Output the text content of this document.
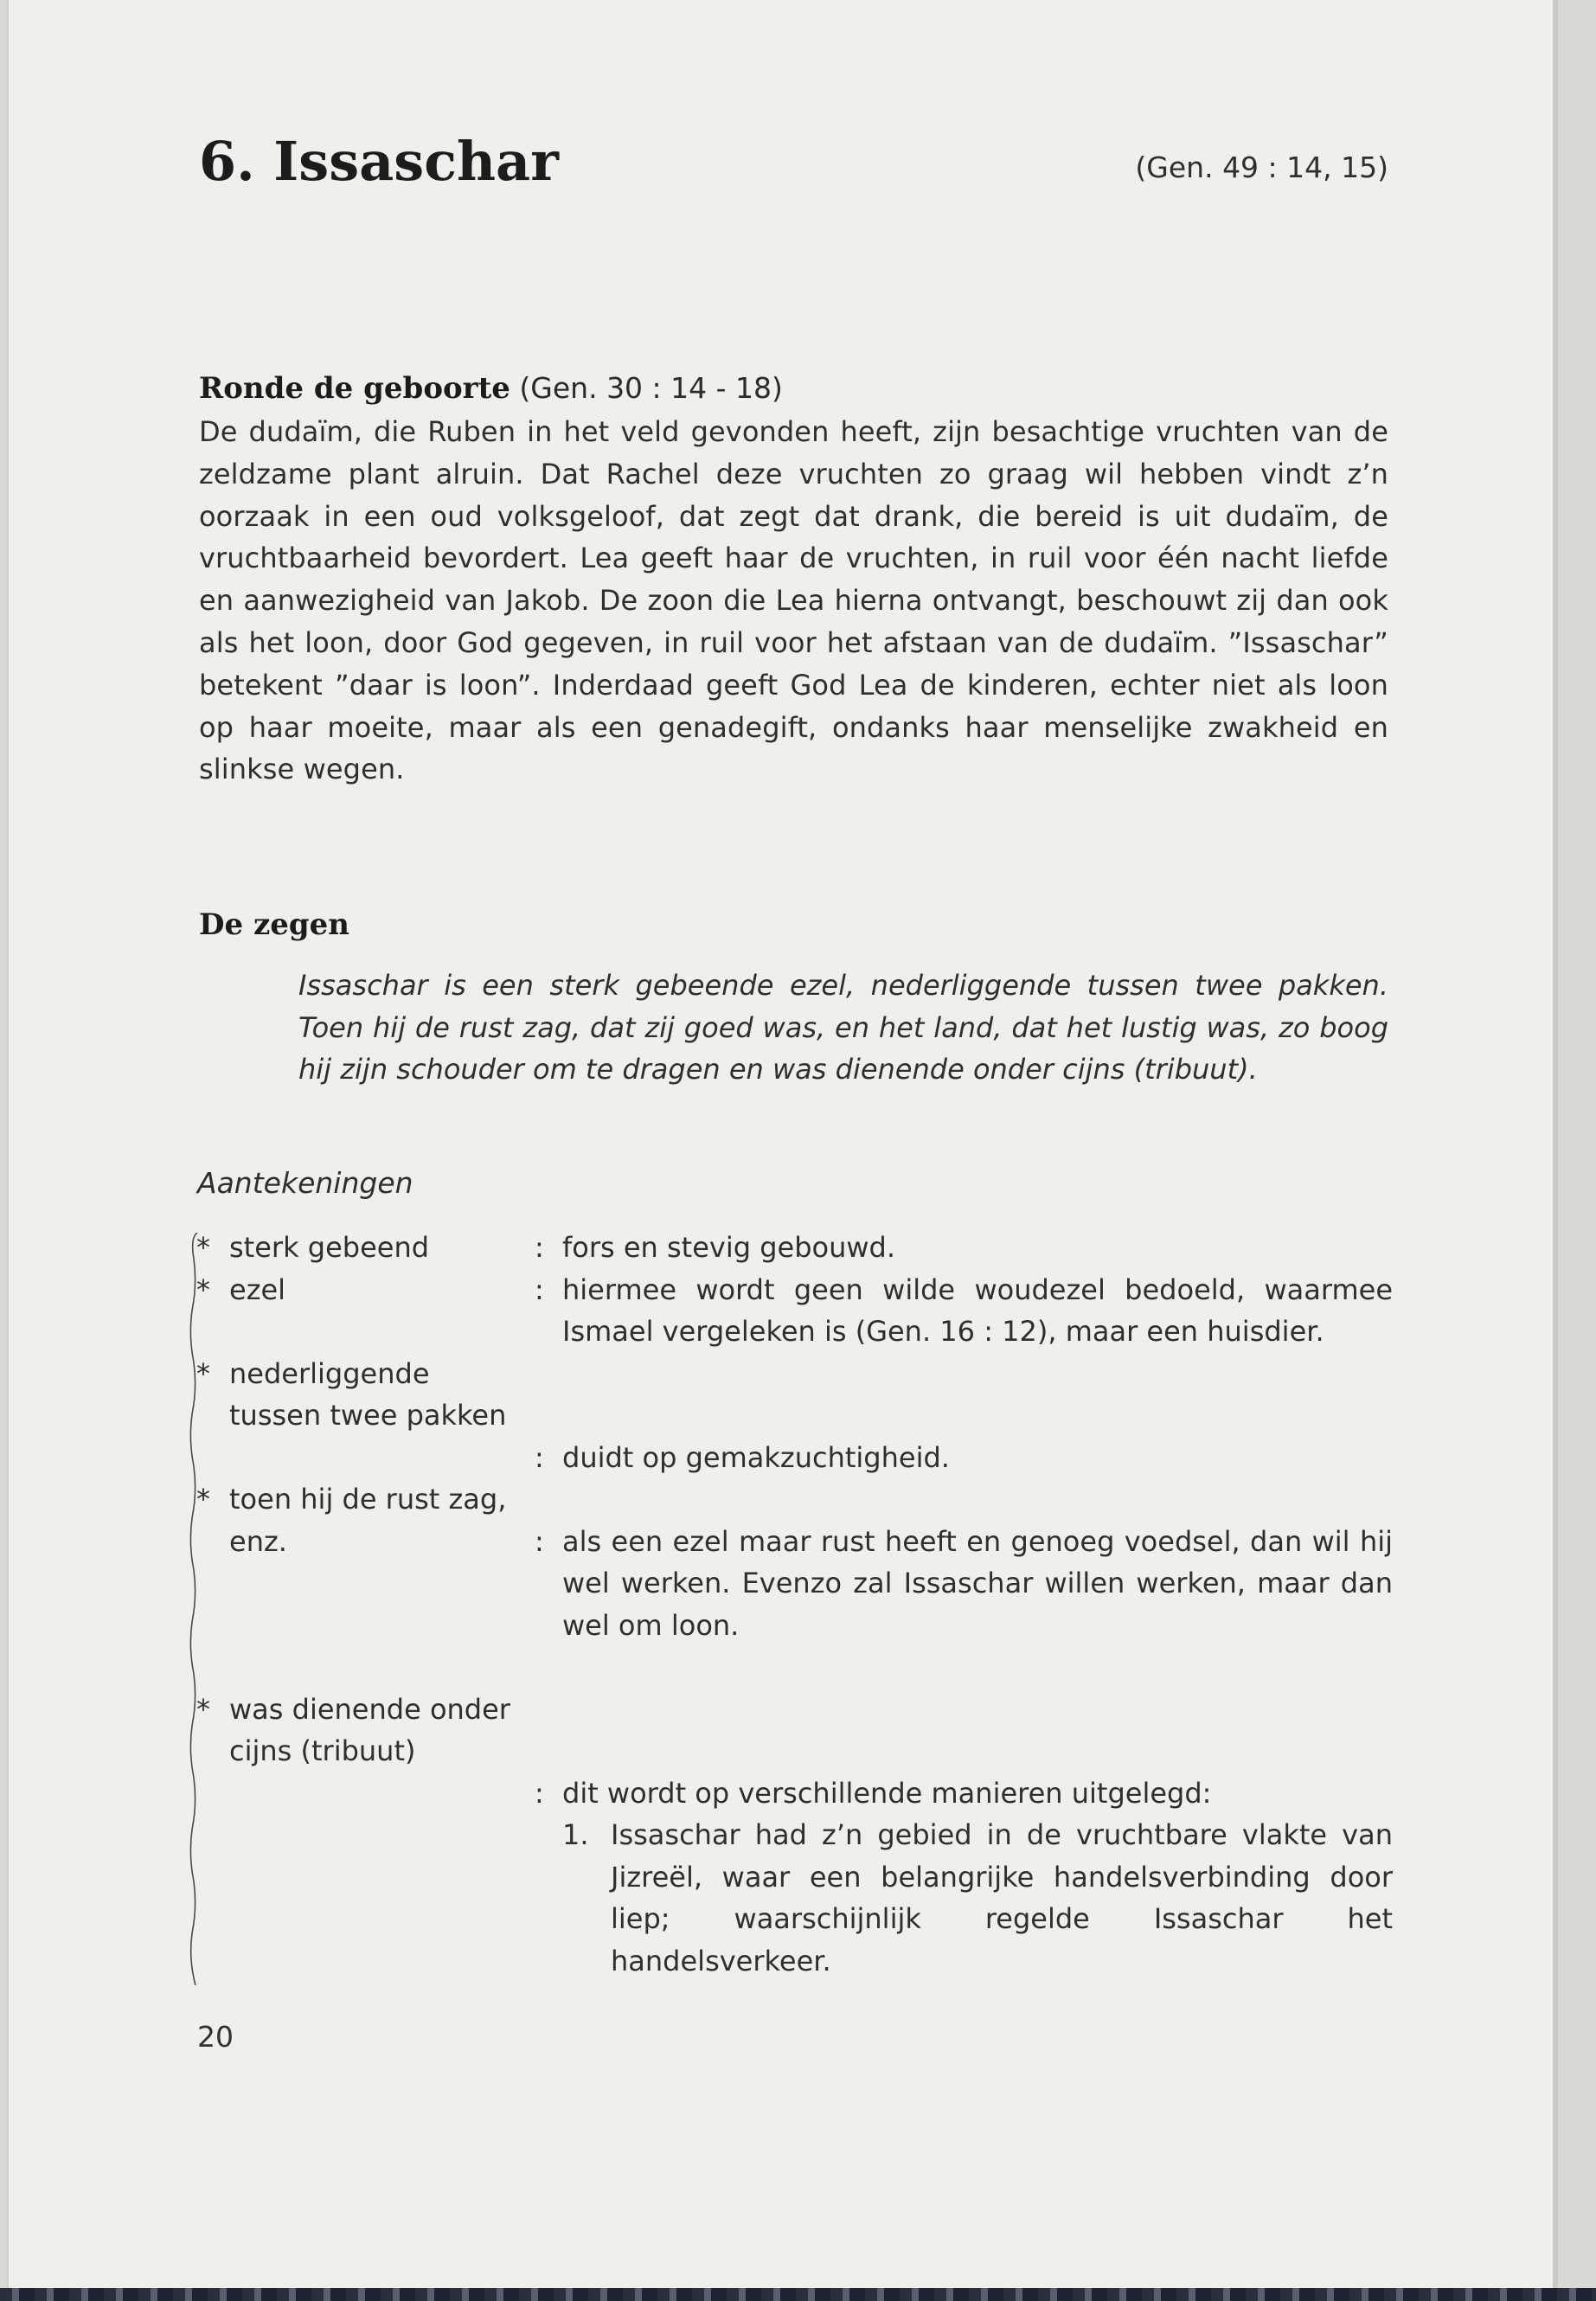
6. Issaschar	(Gen. 49 : 14, 15)
Ronde de geboorte (Gen. 30 : 14 - 18)

De dudaïm, die Ruben in het veld gevonden heeft, zijn besachtige vruchten van de zeldzame plant alruin. Dat Rachel deze vruchten zo graag wil hebben vindt z’n oorzaak in een oud volksgeloof, dat zegt dat drank, die bereid is uit dudaïm, de vruchtbaarheid bevordert. Lea geeft haar de vruchten, in ruil voor één nacht liefde en aanwezigheid van Jakob. De zoon die Lea hierna ontvangt, beschouwt zij dan ook als het loon, door God gegeven, in ruil voor het afstaan van de dudaïm. ”Issaschar” betekent ”daar is loon”. Inderdaad geeft God Lea de kinderen, echter niet als loon op haar moeite, maar als een genadegift, ondanks haar menselijke zwakheid en slinkse wegen.

De zegen

Issaschar is een sterk gebeende ezel, nederliggende tussen twee pakken. Toen hij de rust zag, dat zij goed was, en het land, dat het lustig was, zo boog hij zijn schouder om te dragen en was dienende onder cijns (tribuut).

Aantekeningen
* sterk gebeend	: fors en stevig gebouwd.
* ezel	: hiermee wordt geen wilde woudezel bedoeld, waarmee Ismael vergeleken is (Gen. 16 : 12), maar een huisdier.
* nederliggende tussen twee pakken
: duidt op gemakzuchtigheid.
* toen hij de rust zag, enz.	: als een ezel maar rust heeft en genoeg voedsel, dan wil hij wel werken. Evenzo zal Issaschar willen werken, maar dan wel om loon.
* was dienende onder cijns (tribuut)
: dit wordt op verschillende manieren uitgelegd:
1. Issaschar had z’n gebied in de vruchtbare vlakte van Jizreël, waar een belangrijke handelsverbinding door liep; waarschijnlijk regelde Issaschar het handelsverkeer.
20
